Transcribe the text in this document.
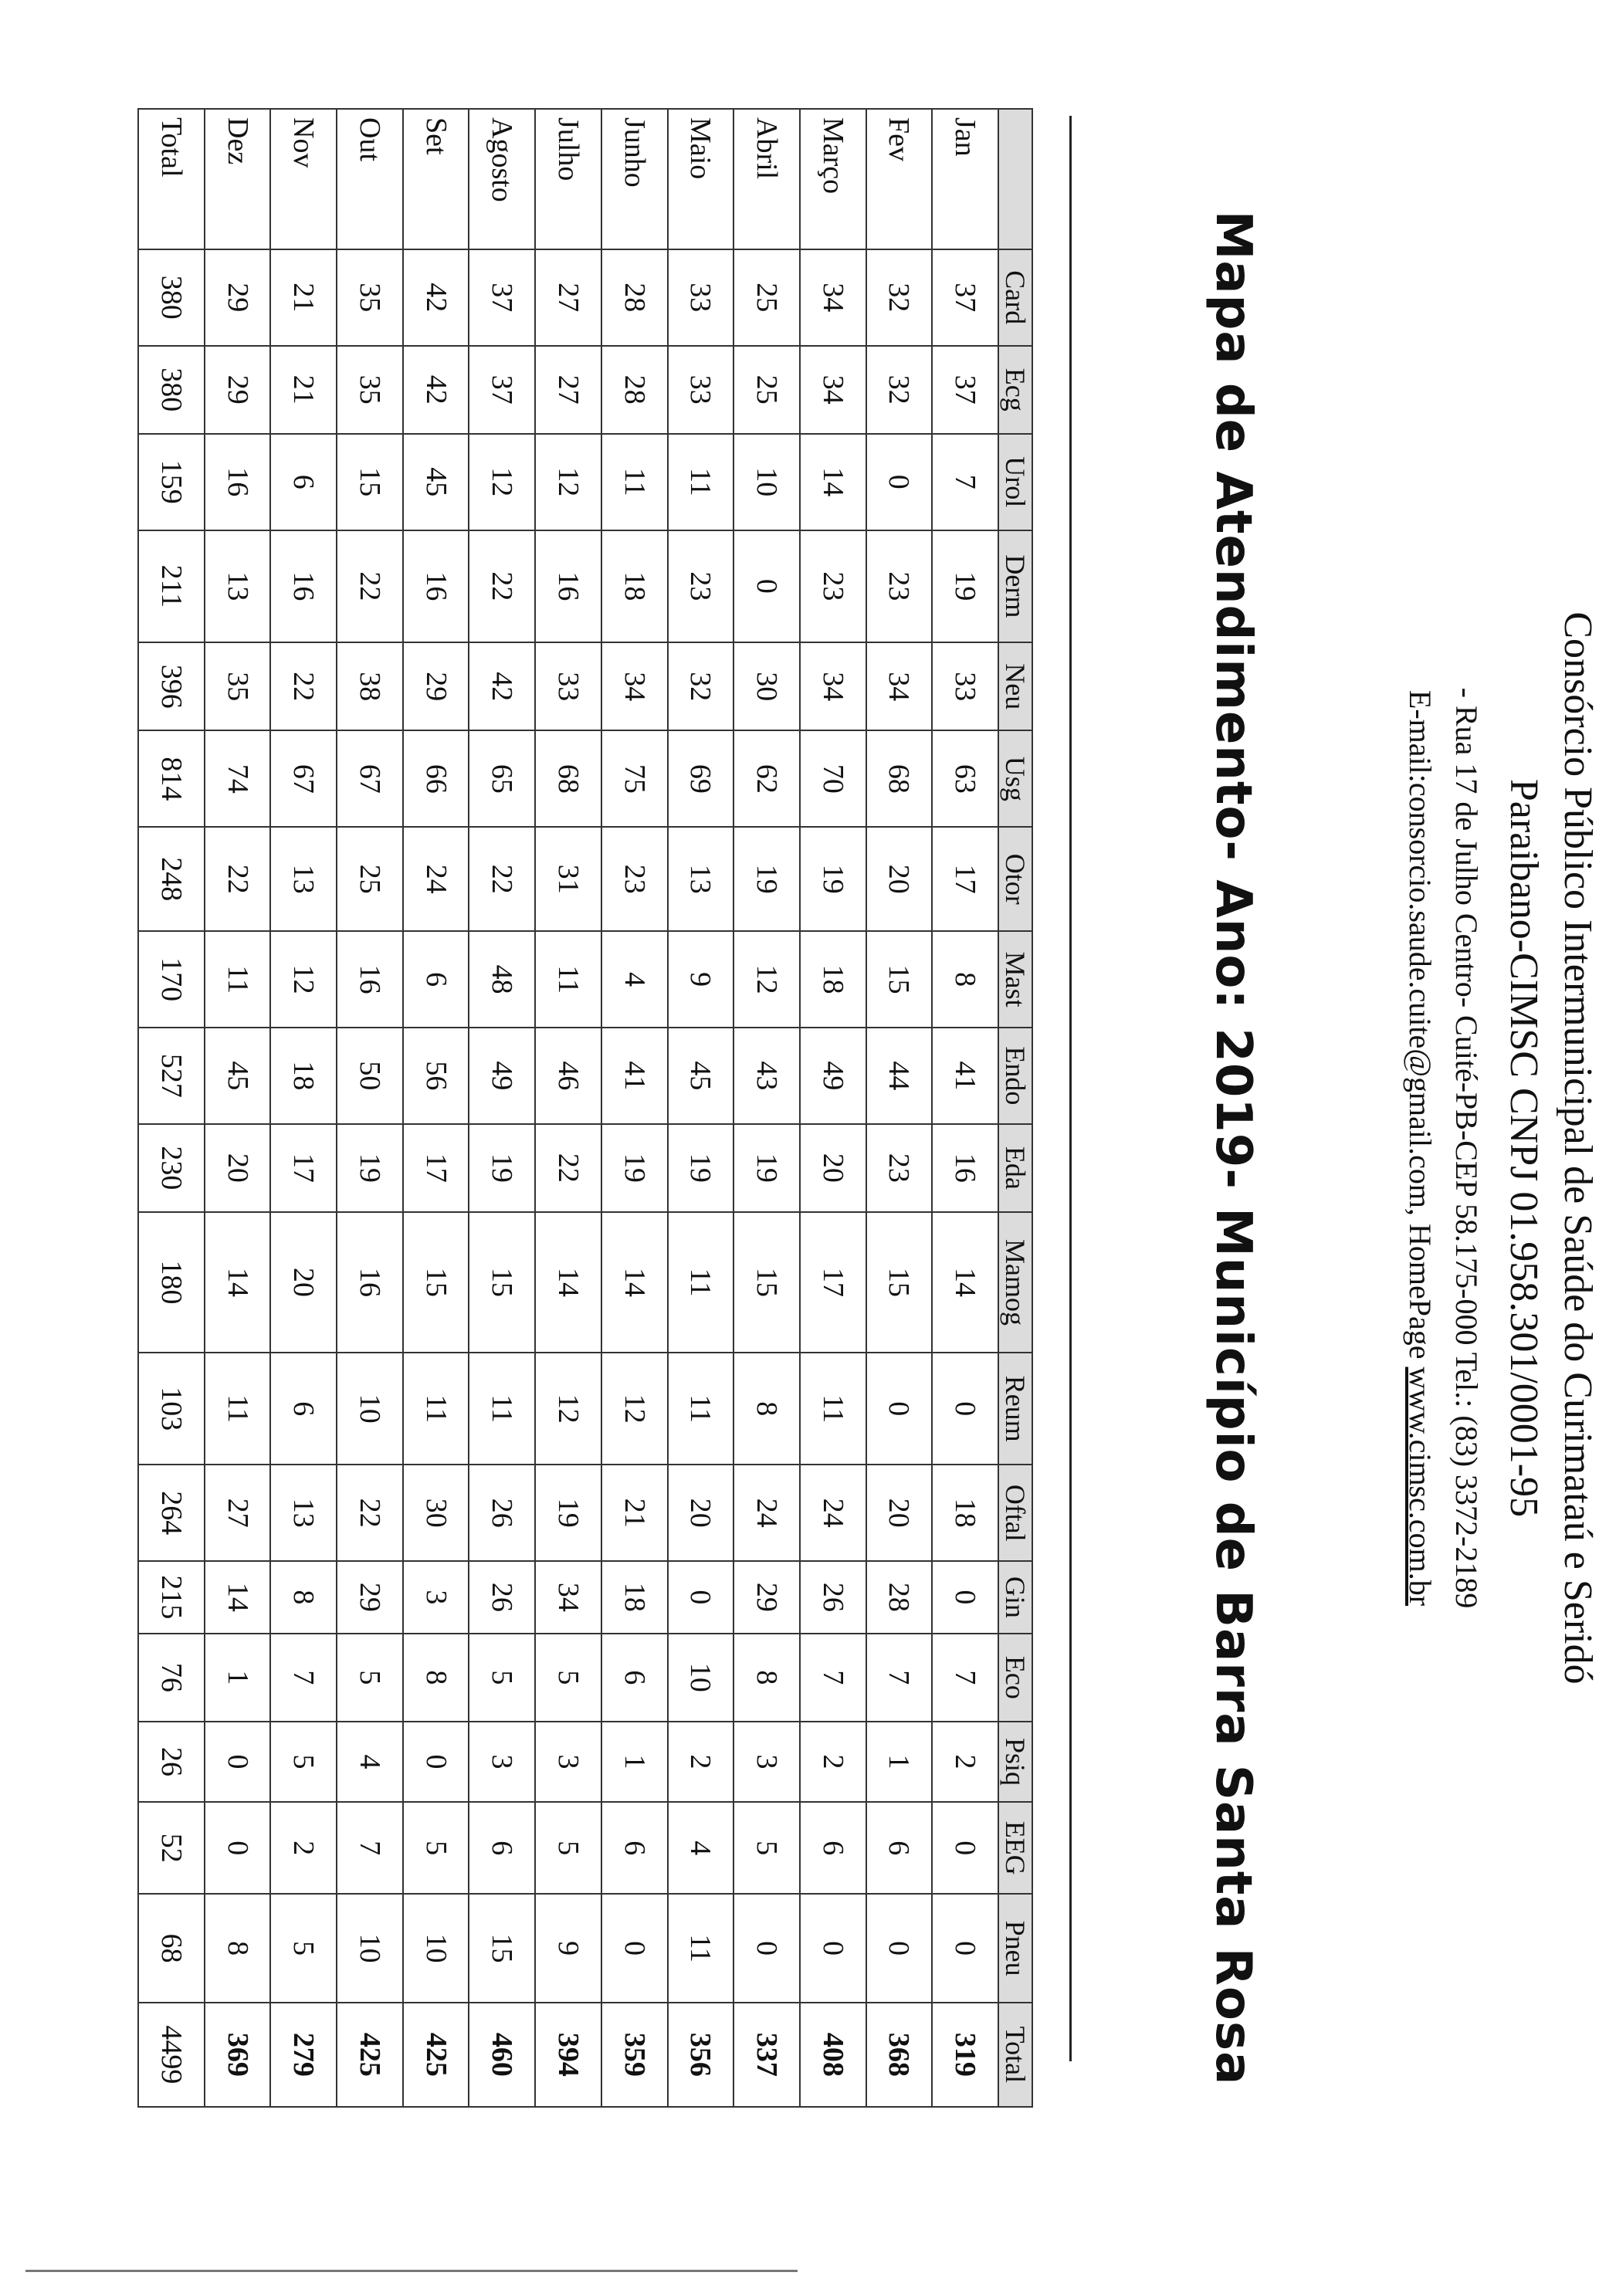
Consórcio Público Intermunicipal de Saúde do Curimataú e Seridó
Paraibano-CIMSC CNPJ 01.958.301/0001-95
- Rua 17 de Julho Centro- Cuité-PB-CEP 58.175-000 Tel.: (83) 3372-2189
E-mail:consorcio.saude.cuite@gmail.com, HomePage www.cimsc.com.br
Mapa de Atendimento- Ano: 2019- Município de Barra Santa Rosa
	Card	Ecg	Urol	Derm	Neu	Usg	Otor	Mast	Endo	Eda	Mamog	Reum	Oftal	Gin	Eco	Psiq	EEG	Pneu	Total
Jan	37	37	7	19	33	63	17	8	41	16	14	0	18	0	7	2	0	0	319
Fev	32	32	0	23	34	68	20	15	44	23	15	0	20	28	7	1	6	0	368
Março	34	34	14	23	34	70	19	18	49	20	17	11	24	26	7	2	6	0	408
Abril	25	25	10	0	30	62	19	12	43	19	15	8	24	29	8	3	5	0	337
Maio	33	33	11	23	32	69	13	9	45	19	11	11	20	0	10	2	4	11	356
Junho	28	28	11	18	34	75	23	4	41	19	14	12	21	18	6	1	6	0	359
Julho	27	27	12	16	33	68	31	11	46	22	14	12	19	34	5	3	5	9	394
Agosto	37	37	12	22	42	65	22	48	49	19	15	11	26	26	5	3	6	15	460
Set	42	42	45	16	29	66	24	6	56	17	15	11	30	3	8	0	5	10	425
Out	35	35	15	22	38	67	25	16	50	19	16	10	22	29	5	4	7	10	425
Nov	21	21	6	16	22	67	13	12	18	17	20	6	13	8	7	5	2	5	279
Dez	29	29	16	13	35	74	22	11	45	20	14	11	27	14	1	0	0	8	369
Total	380	380	159	211	396	814	248	170	527	230	180	103	264	215	76	26	52	68	4499
